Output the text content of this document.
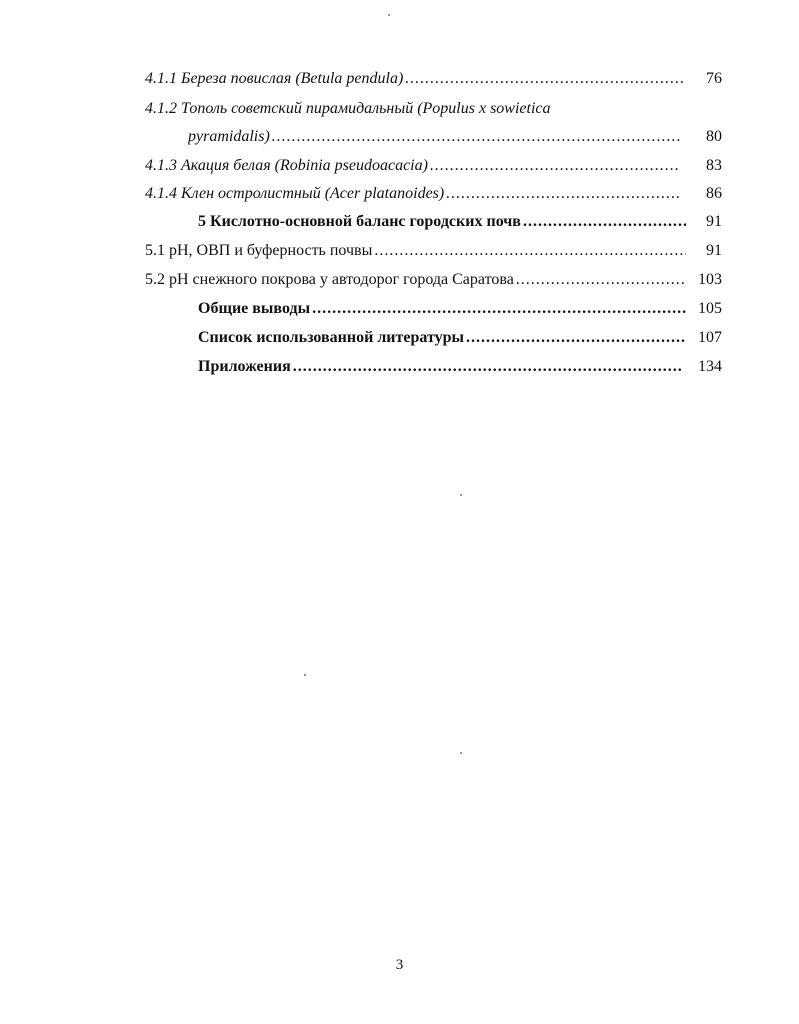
4.1.1 Береза повислая (Betula pendula) .....	76
4.1.2 Тополь советский пирамидальный (Populus x sowietica
pyramidalis) .....	80
4.1.3 Акация белая (Robinia pseudoacacia) .....	83
4.1.4 Клен остролистный (Acer platanoides) .....	86
5 Кислотно-основной баланс городских почв .....	91
5.1 pH, ОВП и буферность почвы .....	91
5.2 pH снежного покрова у автодорог города Саратова .....	103
Общие выводы .....	105
Список использованной литературы .....	107
Приложения .....	134
3
